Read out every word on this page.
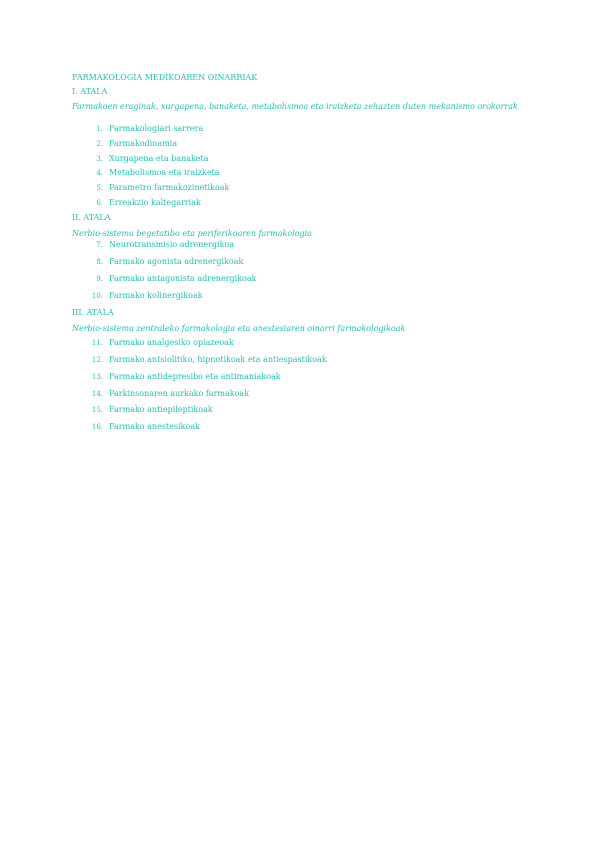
FARMAKOLOGIA MEDIKOAREN OINARRIAK
I. ATALA
Farmakoen eraginak, xurgapena, banaketa, metabolismoa eta iraizketa zehazten duten mekanismo orokorrak
1. Farmakologiari sarrera
2. Farmakodinamia
3. Xurgapena eta banaketa
4. Metabolismoa eta iraizketa
5. Parametro farmakozinetikoak
6. Erreakzio kaltegarriak
II. ATALA
Nerbio-sistema begetatibo eta periferikoaren farmakologia
7. Neurotransmisio adrenergikoa
8. Farmako agonista adrenergikoak
9. Farmako antagonista adrenergikoak
10. Farmako kolinergikoak
III. ATALA
Nerbio-sistema zentraleko farmakologia eta anestesiaren oinarri farmakologikoak
11. Farmako analgesiko opiazeoak
12. Farmako antsiolitiko, hipnotikoak eta antiespastikoak
13. Farmako antidepresibo eta antimaniakoak
14. Parkinsonaren aurkako farmakoak
15. Farmako antiepileptikoak
16. Farmako anestesikoak
